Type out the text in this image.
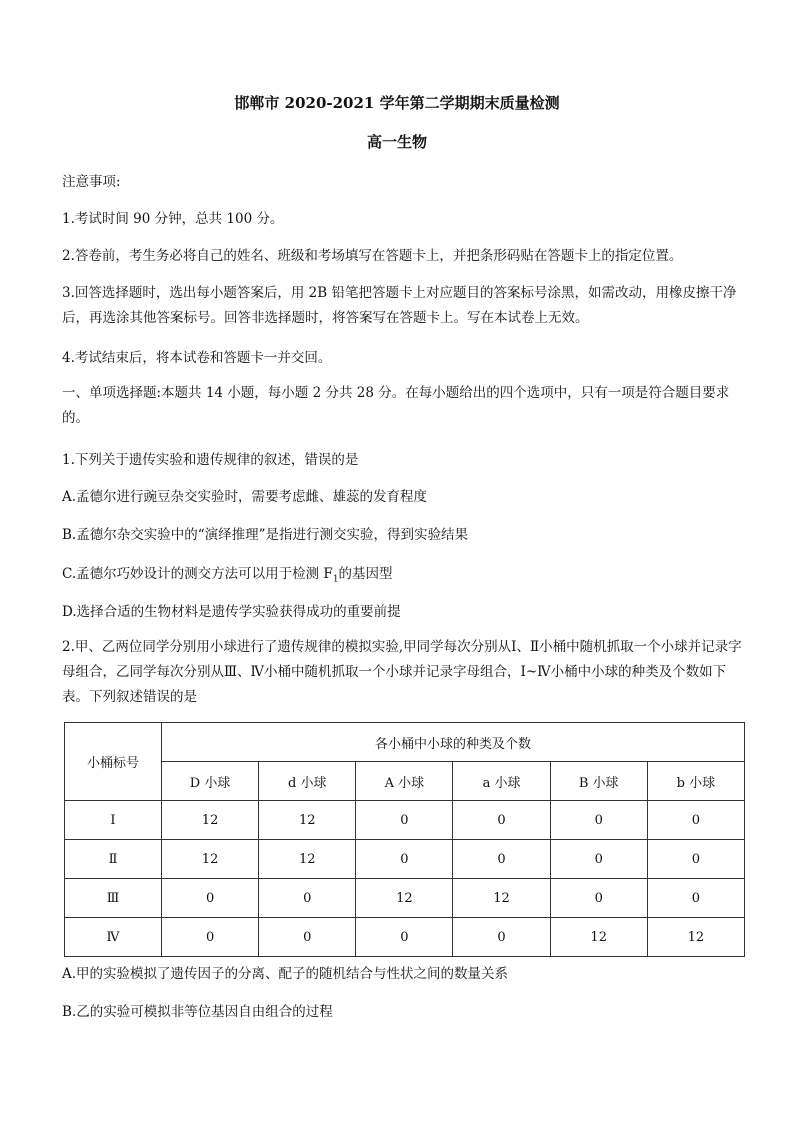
邯郸市 2020-2021 学年第二学期期末质量检测
高一生物
注意事项:
1.考试时间 90 分钟，总共 100 分。
2.答卷前，考生务必将自己的姓名、班级和考场填写在答题卡上，并把条形码贴在答题卡上的指定位置。
3.回答选择题时，选出每小题答案后，用 2B 铅笔把答题卡上对应题目的答案标号涂黑，如需改动，用橡皮擦干净后，再选涂其他答案标号。回答非选择题时，将答案写在答题卡上。写在本试卷上无效。
4.考试结束后，将本试卷和答题卡一并交回。
一、单项选择题:本题共 14 小题，每小题 2 分共 28 分。在每小题给出的四个选项中，只有一项是符合题目要求的。
1.下列关于遗传实验和遗传规律的叙述，错误的是
A.孟德尔进行豌豆杂交实验时，需要考虑雌、雄蕊的发育程度
B.孟德尔杂交实验中的“演绎推理”是指进行测交实验，得到实验结果
C.孟德尔巧妙设计的测交方法可以用于检测 $F_1$的基因型
D.选择合适的生物材料是遗传学实验获得成功的重要前提
2.甲、乙两位同学分别用小球进行了遗传规律的模拟实验,甲同学每次分别从Ⅰ、Ⅱ小桶中随机抓取一个小球并记录字母组合，乙同学每次分别从Ⅲ、Ⅳ小桶中随机抓取一个小球并记录字母组合，Ⅰ~Ⅳ小桶中小球的种类及个数如下表。下列叙述错误的是
小桶标号	各小桶中小球的种类及个数					
	D 小球	d 小球	A 小球	a 小球	B 小球	b 小球
Ⅰ	12	12	0	0	0	0
Ⅱ	12	12	0	0	0	0
Ⅲ	0	0	12	12	0	0
Ⅳ	0	0	0	0	12	12
A.甲的实验模拟了遗传因子的分离、配子的随机结合与性状之间的数量关系
B.乙的实验可模拟非等位基因自由组合的过程
